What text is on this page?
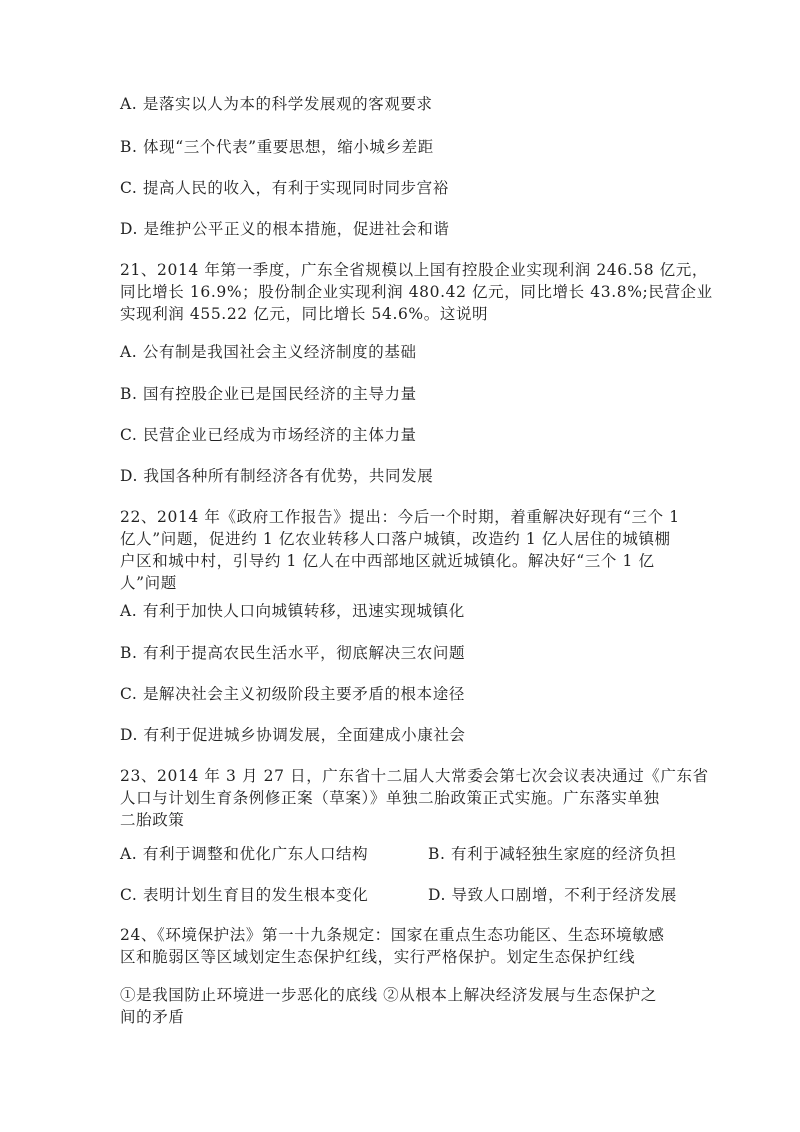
A. 是落实以人为本的科学发展观的客观要求
B. 体现“三个代表”重要思想，缩小城乡差距
C. 提高人民的收入，有利于实现同时同步宫裕
D. 是维护公平正义的根本措施，促进社会和谐
21、2014 年第一季度，广东全省规模以上国有控股企业实现利润 246.58 亿元，
同比增长 16.9%；股份制企业实现利润 480.42 亿元，同比增长 43.8%;民营企业
实现利润 455.22 亿元，同比增长 54.6%。这说明
A. 公有制是我国社会主义经济制度的基础
B. 国有控股企业已是国民经济的主导力量
C. 民营企业已经成为市场经济的主体力量
D. 我国各种所有制经济各有优势，共同发展
22、2014 年《政府工作报告》提出：今后一个时期，着重解决好现有“三个 1
亿人”问题，促进约 1 亿农业转移人口落户城镇，改造约 1 亿人居住的城镇棚
户区和城中村，引导约 1 亿人在中西部地区就近城镇化。解决好“三个 1 亿
人”问题
A. 有利于加快人口向城镇转移，迅速实现城镇化
B. 有利于提高农民生活水平，彻底解决三农问题
C. 是解决社会主义初级阶段主要矛盾的根本途径
D. 有利于促进城乡协调发展，全面建成小康社会
23、2014 年 3 月 27 日，广东省十二届人大常委会第七次会议表决通过《广东省
人口与计划生育条例修正案（草案）》单独二胎政策正式实施。广东落实单独
二胎政策
A. 有利于调整和优化广东人口结构	B. 有利于减轻独生家庭的经济负担
C. 表明计划生育目的发生根本变化	D. 导致人口剧增，不利于经济发展
24、《环境保护法》第一十九条规定：国家在重点生态功能区、生态环境敏感
区和脆弱区等区域划定生态保护红线，实行严格保护。划定生态保护红线
①是我国防止环境进一步恶化的底线 ②从根本上解决经济发展与生态保护之
间的矛盾
